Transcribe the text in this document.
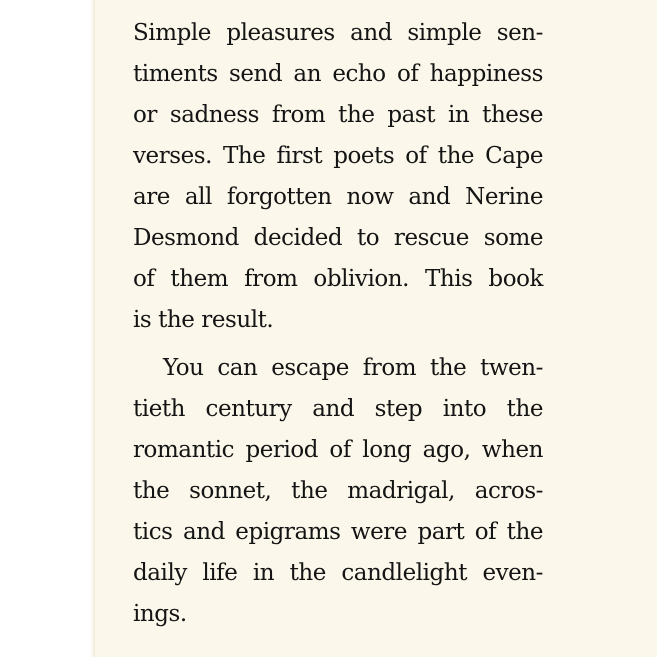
Simple pleasures and simple sen-
timents send an echo of happiness
or sadness from the past in these
verses. The first poets of the Cape
are all forgotten now and Nerine
Desmond decided to rescue some
of them from oblivion. This book
is the result.
You can escape from the twen-
tieth century and step into the
romantic period of long ago, when
the sonnet, the madrigal, acros-
tics and epigrams were part of the
daily life in the candlelight even-
ings.
